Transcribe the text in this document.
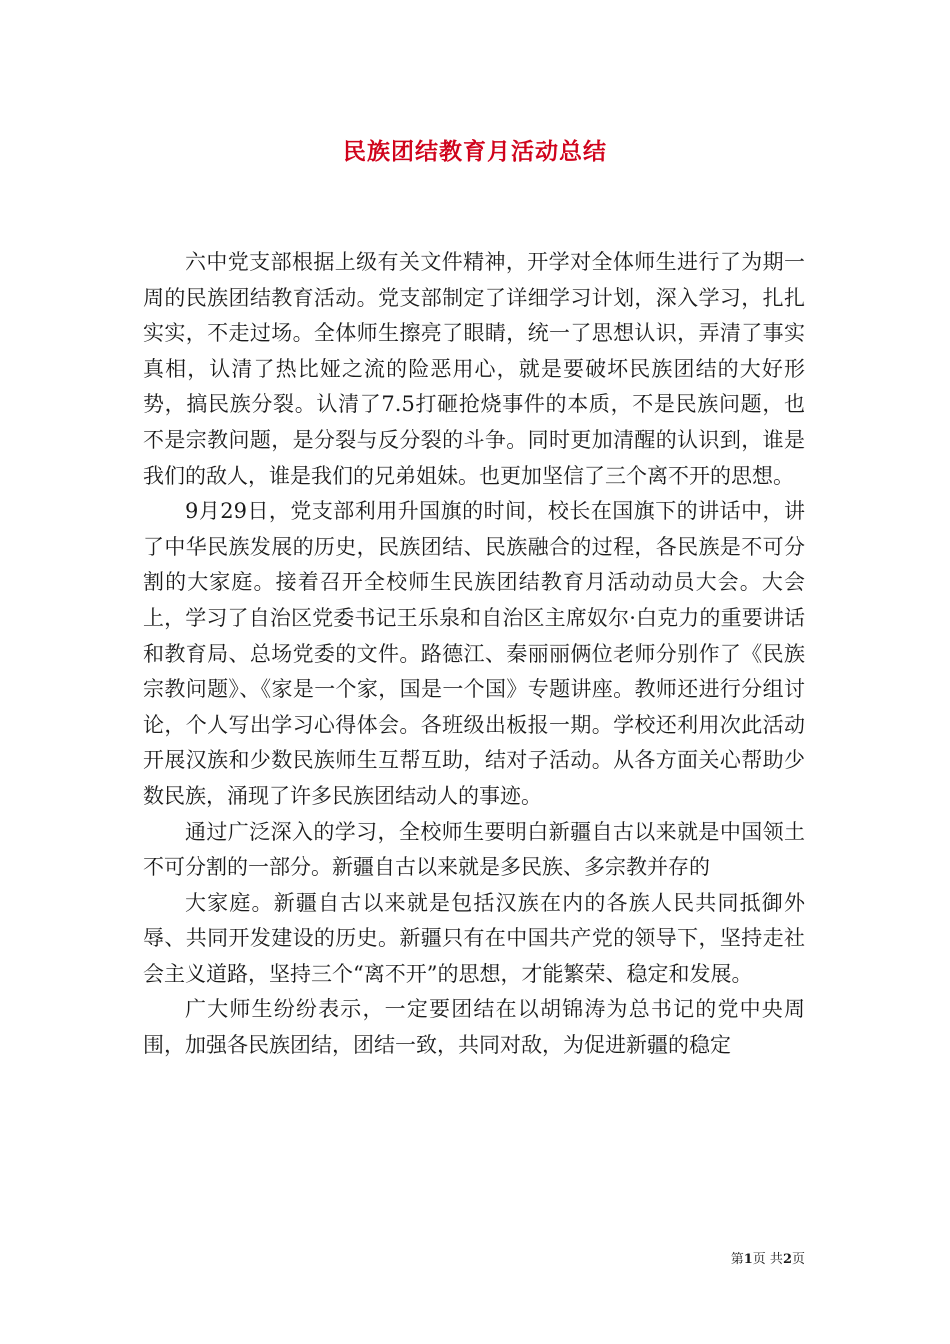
民族团结教育月活动总结

六中党支部根据上级有关文件精神，开学对全体师生进行了为期一周的民族团结教育活动。党支部制定了详细学习计划，深入学习，扎扎实实，不走过场。全体师生擦亮了眼睛，统一了思想认识，弄清了事实真相，认清了热比娅之流的险恶用心，就是要破坏民族团结的大好形势，搞民族分裂。认清了7.5打砸抢烧事件的本质，不是民族问题，也不是宗教问题，是分裂与反分裂的斗争。同时更加清醒的认识到，谁是我们的敌人，谁是我们的兄弟姐妹。也更加坚信了三个离不开的思想。

9月29日，党支部利用升国旗的时间，校长在国旗下的讲话中，讲了中华民族发展的历史，民族团结、民族融合的过程，各民族是不可分割的大家庭。接着召开全校师生民族团结教育月活动动员大会。大会上，学习了自治区党委书记王乐泉和自治区主席奴尔·白克力的重要讲话和教育局、总场党委的文件。路德江、秦丽丽俩位老师分别作了《民族宗教问题》、《家是一个家，国是一个国》专题讲座。教师还进行分组讨论，个人写出学习心得体会。各班级出板报一期。学校还利用次此活动开展汉族和少数民族师生互帮互助，结对子活动。从各方面关心帮助少数民族，涌现了许多民族团结动人的事迹。

通过广泛深入的学习，全校师生要明白新疆自古以来就是中国领土不可分割的一部分。新疆自古以来就是多民族、多宗教并存的

大家庭。新疆自古以来就是包括汉族在内的各族人民共同抵御外辱、共同开发建设的历史。新疆只有在中国共产党的领导下，坚持走社会主义道路，坚持三个“离不开”的思想，才能繁荣、稳定和发展。

广大师生纷纷表示，一定要团结在以胡锦涛为总书记的党中央周围，加强各民族团结，团结一致，共同对敌，为促进新疆的稳定

第1页 共2页
